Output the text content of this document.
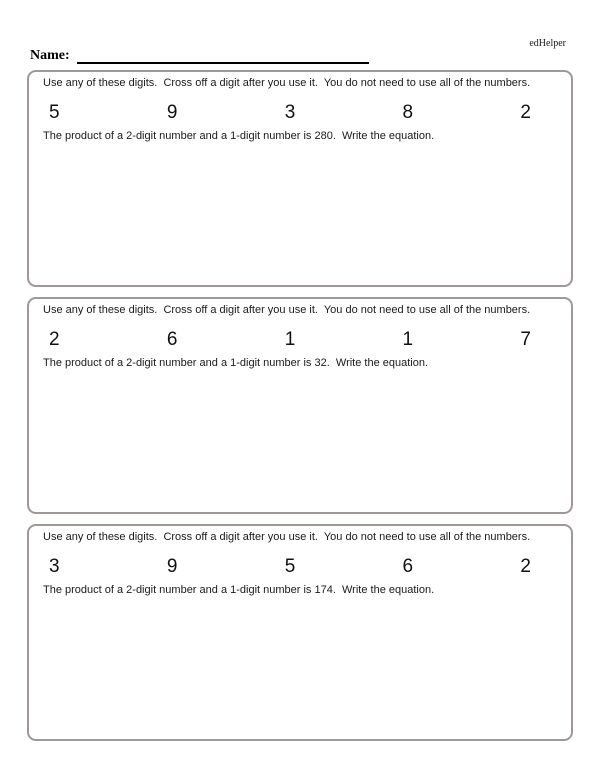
edHelper
Name:
Use any of these digits.  Cross off a digit after you use it.  You do not need to use all of the numbers.
5	9	3	8	2
The product of a 2-digit number and a 1-digit number is 280.  Write the equation.
Use any of these digits.  Cross off a digit after you use it.  You do not need to use all of the numbers.
2	6	1	1	7
The product of a 2-digit number and a 1-digit number is 32.  Write the equation.
Use any of these digits.  Cross off a digit after you use it.  You do not need to use all of the numbers.
3	9	5	6	2
The product of a 2-digit number and a 1-digit number is 174.  Write the equation.
